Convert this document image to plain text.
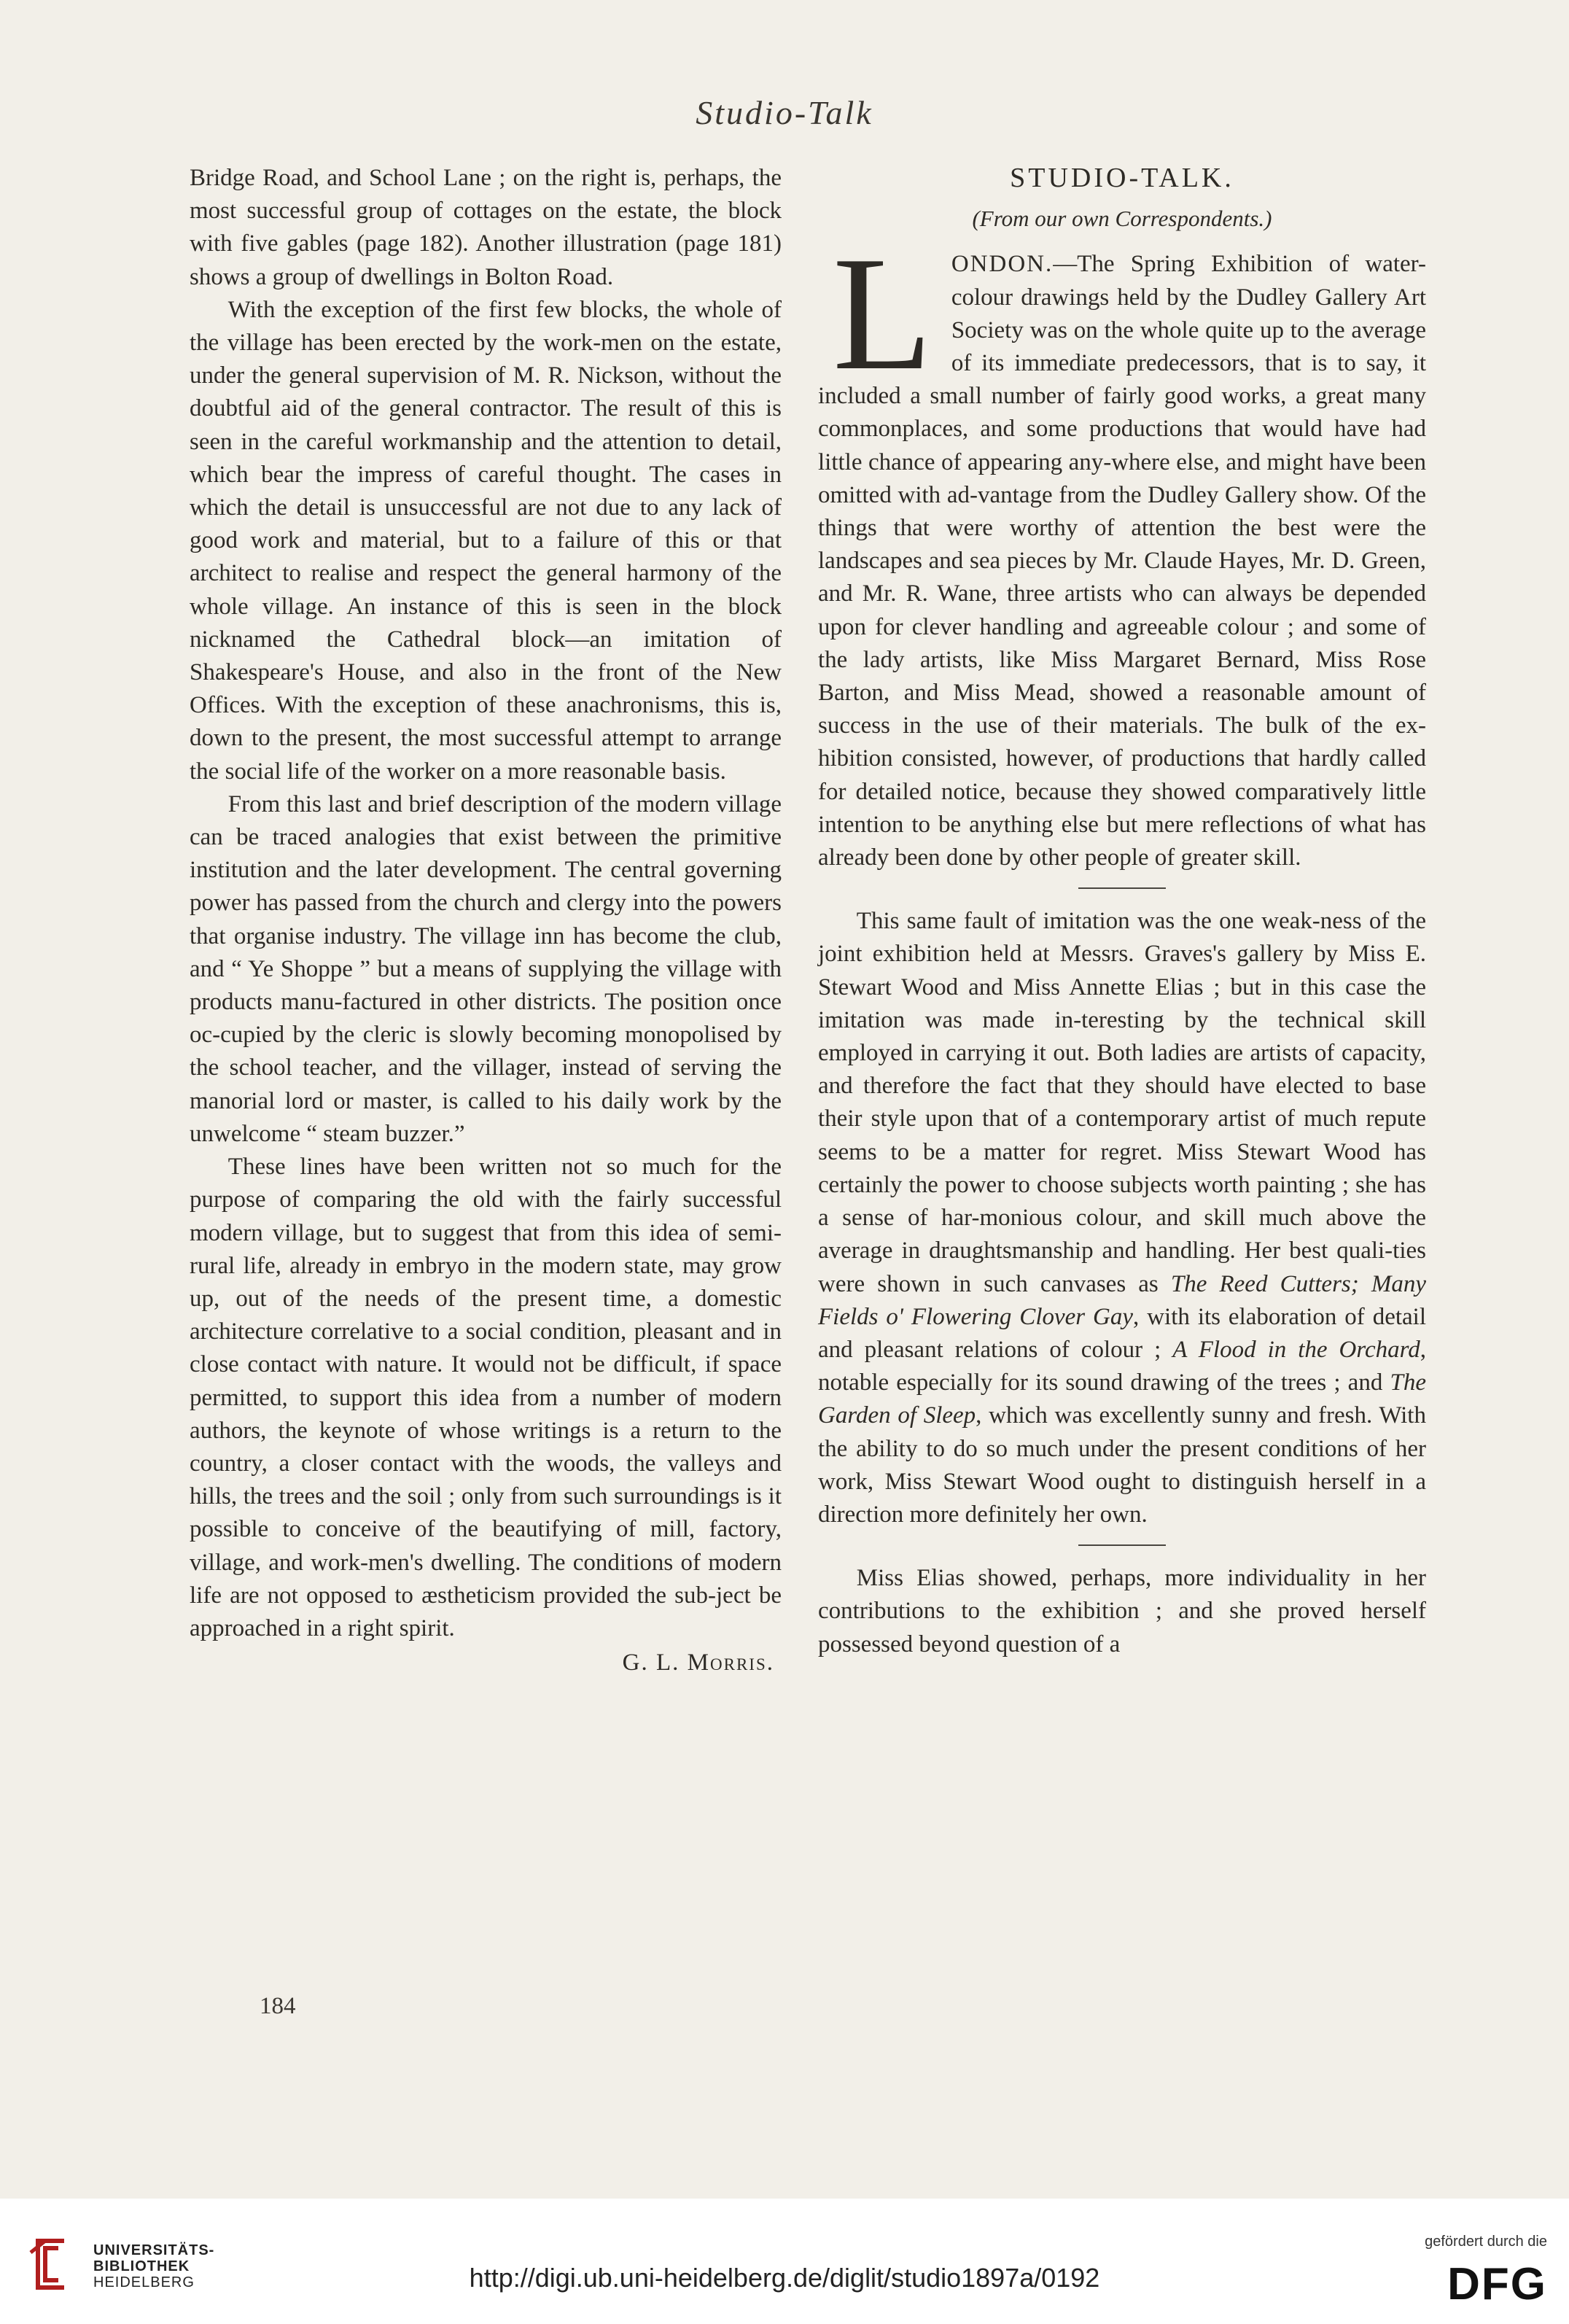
Studio-Talk

Bridge Road, and School Lane ; on the right is, perhaps, the most successful group of cottages on the estate, the block with five gables (page 182). Another illustration (page 181) shows a group of dwellings in Bolton Road.

With the exception of the first few blocks, the whole of the village has been erected by the work-men on the estate, under the general supervision of M. R. Nickson, without the doubtful aid of the general contractor. The result of this is seen in the careful workmanship and the attention to detail, which bear the impress of careful thought. The cases in which the detail is unsuccessful are not due to any lack of good work and material, but to a failure of this or that architect to realise and respect the general harmony of the whole village. An instance of this is seen in the block nicknamed the Cathedral block—an imitation of Shakespeare's House, and also in the front of the New Offices. With the exception of these anachronisms, this is, down to the present, the most successful attempt to arrange the social life of the worker on a more reasonable basis.

From this last and brief description of the modern village can be traced analogies that exist between the primitive institution and the later development. The central governing power has passed from the church and clergy into the powers that organise industry. The village inn has become the club, and “ Ye Shoppe ” but a means of supplying the village with products manu-factured in other districts. The position once oc-cupied by the cleric is slowly becoming monopolised by the school teacher, and the villager, instead of serving the manorial lord or master, is called to his daily work by the unwelcome “ steam buzzer.”

These lines have been written not so much for the purpose of comparing the old with the fairly successful modern village, but to suggest that from this idea of semi-rural life, already in embryo in the modern state, may grow up, out of the needs of the present time, a domestic architecture correlative to a social condition, pleasant and in close contact with nature. It would not be difficult, if space permitted, to support this idea from a number of modern authors, the keynote of whose writings is a return to the country, a closer contact with the woods, the valleys and hills, the trees and the soil ; only from such surroundings is it possible to conceive of the beautifying of mill, factory, village, and work-men's dwelling. The conditions of modern life are not opposed to æstheticism provided the sub-ject be approached in a right spirit.

G. L. Morris.
STUDIO-TALK.
(From our own Correspondents.)

LONDON.—The Spring Exhibition of water-colour drawings held by the Dudley Gallery Art Society was on the whole quite up to the average of its immediate predecessors, that is to say, it included a small number of fairly good works, a great many commonplaces, and some productions that would have had little chance of appearing any-where else, and might have been omitted with ad-vantage from the Dudley Gallery show. Of the things that were worthy of attention the best were the landscapes and sea pieces by Mr. Claude Hayes, Mr. D. Green, and Mr. R. Wane, three artists who can always be depended upon for clever handling and agreeable colour ; and some of the lady artists, like Miss Margaret Bernard, Miss Rose Barton, and Miss Mead, showed a reasonable amount of success in the use of their materials. The bulk of the ex-hibition consisted, however, of productions that hardly called for detailed notice, because they showed comparatively little intention to be anything else but mere reflections of what has already been done by other people of greater skill.

This same fault of imitation was the one weak-ness of the joint exhibition held at Messrs. Graves's gallery by Miss E. Stewart Wood and Miss Annette Elias ; but in this case the imitation was made in-teresting by the technical skill employed in carrying it out. Both ladies are artists of capacity, and therefore the fact that they should have elected to base their style upon that of a contemporary artist of much repute seems to be a matter for regret. Miss Stewart Wood has certainly the power to choose subjects worth painting ; she has a sense of har-monious colour, and skill much above the average in draughtsmanship and handling. Her best quali-ties were shown in such canvases as The Reed Cutters; Many Fields o' Flowering Clover Gay, with its elaboration of detail and pleasant relations of colour ; A Flood in the Orchard, notable especially for its sound drawing of the trees ; and The Garden of Sleep, which was excellently sunny and fresh. With the ability to do so much under the present conditions of her work, Miss Stewart Wood ought to distinguish herself in a direction more definitely her own.

Miss Elias showed, perhaps, more individuality in her contributions to the exhibition ; and she proved herself possessed beyond question of a

184
UNIVERSITÄTS-
BIBLIOTHEK
HEIDELBERG	http://digi.ub.uni-heidelberg.de/diglit/studio1897a/0192
gefördert durch die
DFG
